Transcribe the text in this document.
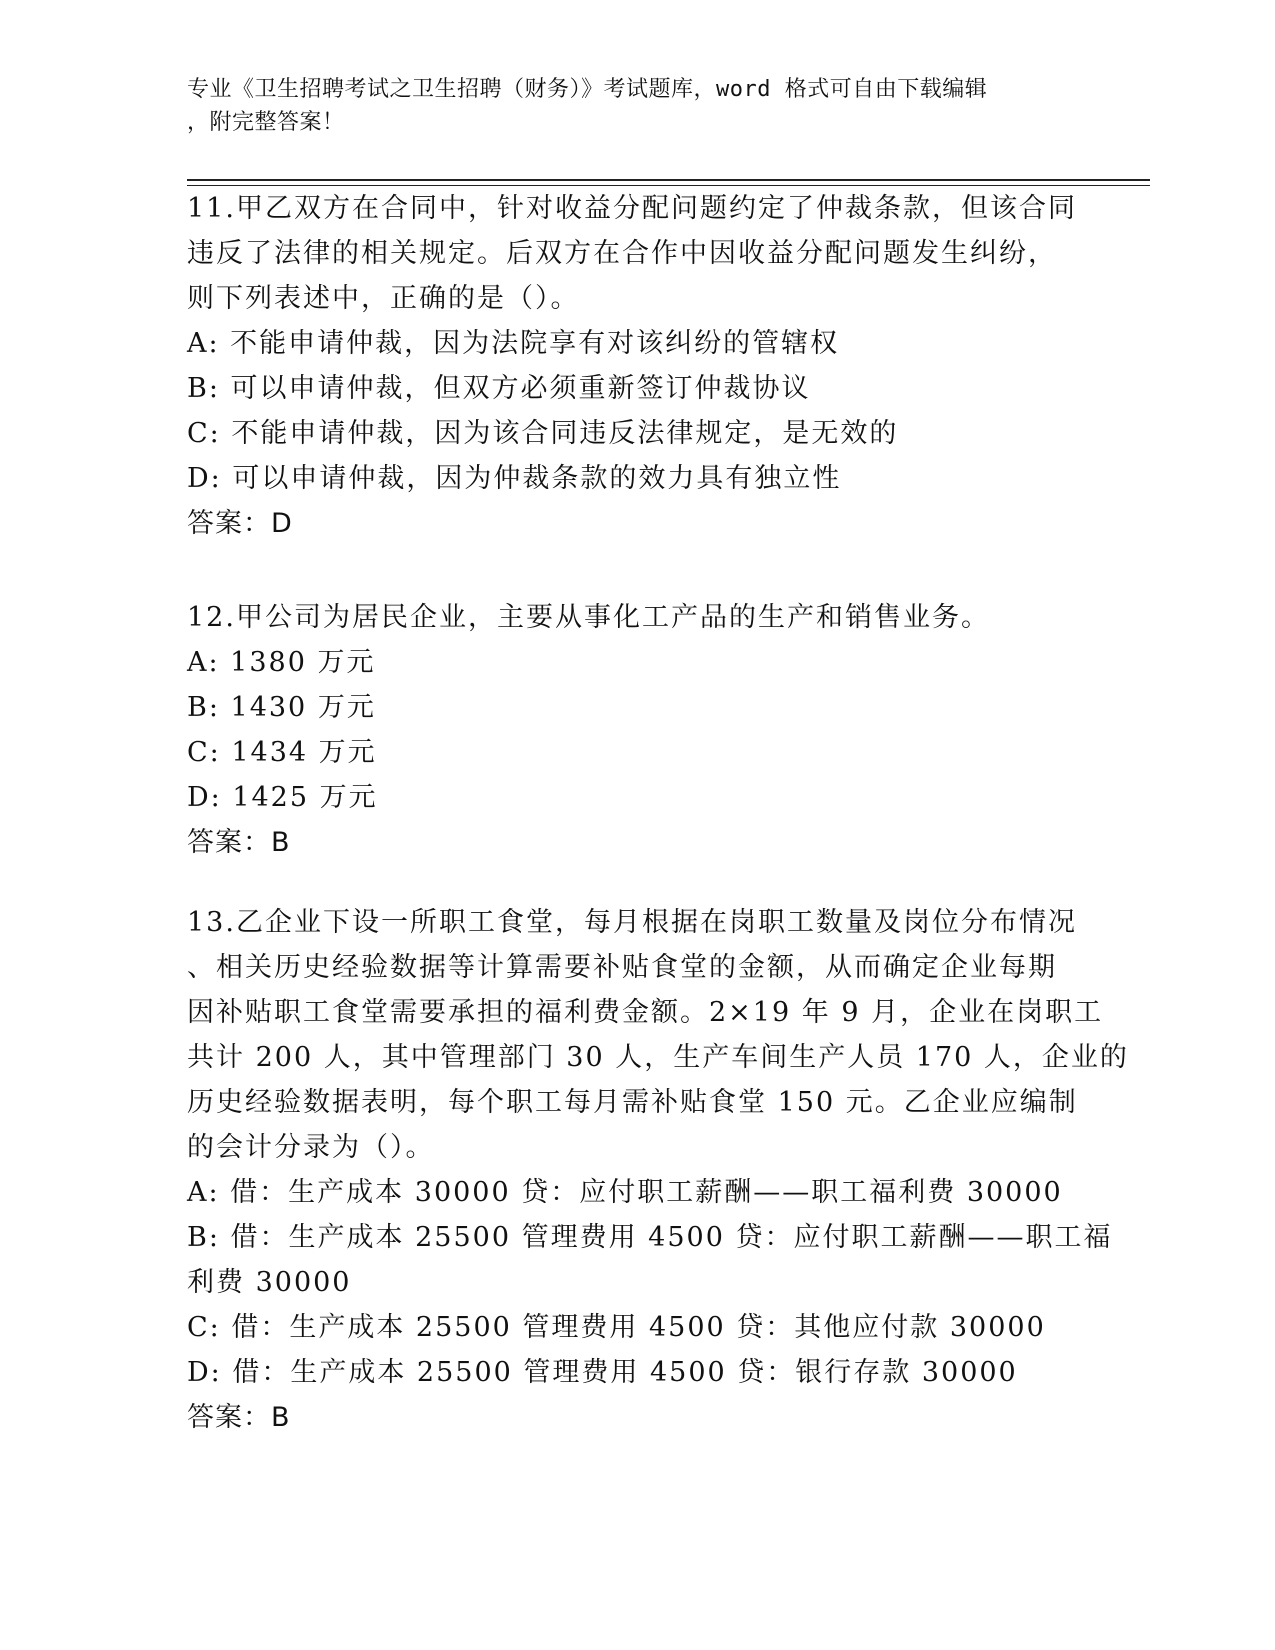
专业《卫生招聘考试之卫生招聘（财务）》考试题库，word 格式可自由下载编辑
，附完整答案！
11.甲乙双方在合同中，针对收益分配问题约定了仲裁条款，但该合同
违反了法律的相关规定。后双方在合作中因收益分配问题发生纠纷，
则下列表述中，正确的是（）。
A: 不能申请仲裁，因为法院享有对该纠纷的管辖权
B: 可以申请仲裁，但双方必须重新签订仲裁协议
C: 不能申请仲裁，因为该合同违反法律规定，是无效的
D: 可以申请仲裁，因为仲裁条款的效力具有独立性
答案：D
12.甲公司为居民企业，主要从事化工产品的生产和销售业务。
A: 1380 万元
B: 1430 万元
C: 1434 万元
D: 1425 万元
答案：B
13.乙企业下设一所职工食堂，每月根据在岗职工数量及岗位分布情况
、相关历史经验数据等计算需要补贴食堂的金额，从而确定企业每期
因补贴职工食堂需要承担的福利费金额。2×19 年 9 月，企业在岗职工
共计 200 人，其中管理部门 30 人，生产车间生产人员 170 人，企业的
历史经验数据表明，每个职工每月需补贴食堂 150 元。乙企业应编制
的会计分录为（）。
A: 借：生产成本 30000 贷：应付职工薪酬——职工福利费 30000
B: 借：生产成本 25500 管理费用 4500 贷：应付职工薪酬——职工福
利费 30000
C: 借：生产成本 25500 管理费用 4500 贷：其他应付款 30000
D: 借：生产成本 25500 管理费用 4500 贷：银行存款 30000
答案：B
